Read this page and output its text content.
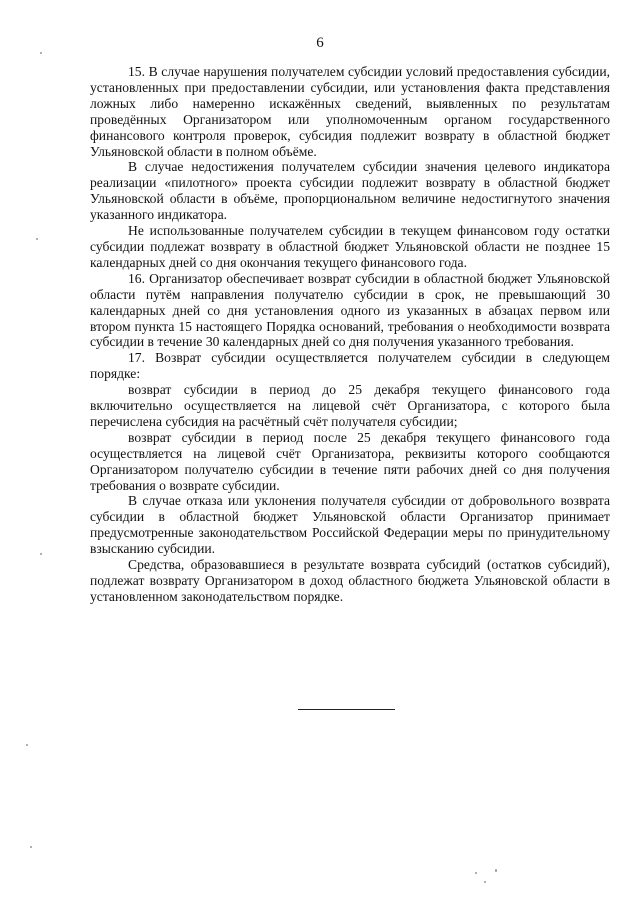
6

15. В случае нарушения получателем субсидии условий предоставления субсидии, установленных при предоставлении субсидии, или установления факта представления ложных либо намеренно искажённых сведений, выявленных по результатам проведённых Организатором или уполномоченным органом государственного финансового контроля проверок, субсидия подлежит возврату в областной бюджет Ульяновской области в полном объёме.

В случае недостижения получателем субсидии значения целевого индикатора реализации «пилотного» проекта субсидии подлежит возврату в областной бюджет Ульяновской области в объёме, пропорциональном величине недостигнутого значения указанного индикатора.

Не использованные получателем субсидии в текущем финансовом году остатки субсидии подлежат возврату в областной бюджет Ульяновской области не позднее 15 календарных дней со дня окончания текущего финансового года.

16. Организатор обеспечивает возврат субсидии в областной бюджет Ульяновской области путём направления получателю субсидии в срок, не превышающий 30 календарных дней со дня установления одного из указанных в абзацах первом или втором пункта 15 настоящего Порядка оснований, требования о необходимости возврата субсидии в течение 30 календарных дней со дня получения указанного требования.

17. Возврат субсидии осуществляется получателем субсидии в следующем порядке:

возврат субсидии в период до 25 декабря текущего финансового года включительно осуществляется на лицевой счёт Организатора, с которого была перечислена субсидия на расчётный счёт получателя субсидии;

возврат субсидии в период после 25 декабря текущего финансового года осуществляется на лицевой счёт Организатора, реквизиты которого сообщаются Организатором получателю субсидии в течение пяти рабочих дней со дня получения требования о возврате субсидии.

В случае отказа или уклонения получателя субсидии от добровольного возврата субсидии в областной бюджет Ульяновской области Организатор принимает предусмотренные законодательством Российской Федерации меры по принудительному взысканию субсидии.

Средства, образовавшиеся в результате возврата субсидий (остатков субсидий), подлежат возврату Организатором в доход областного бюджета Ульяновской области в установленном законодательством порядке.
